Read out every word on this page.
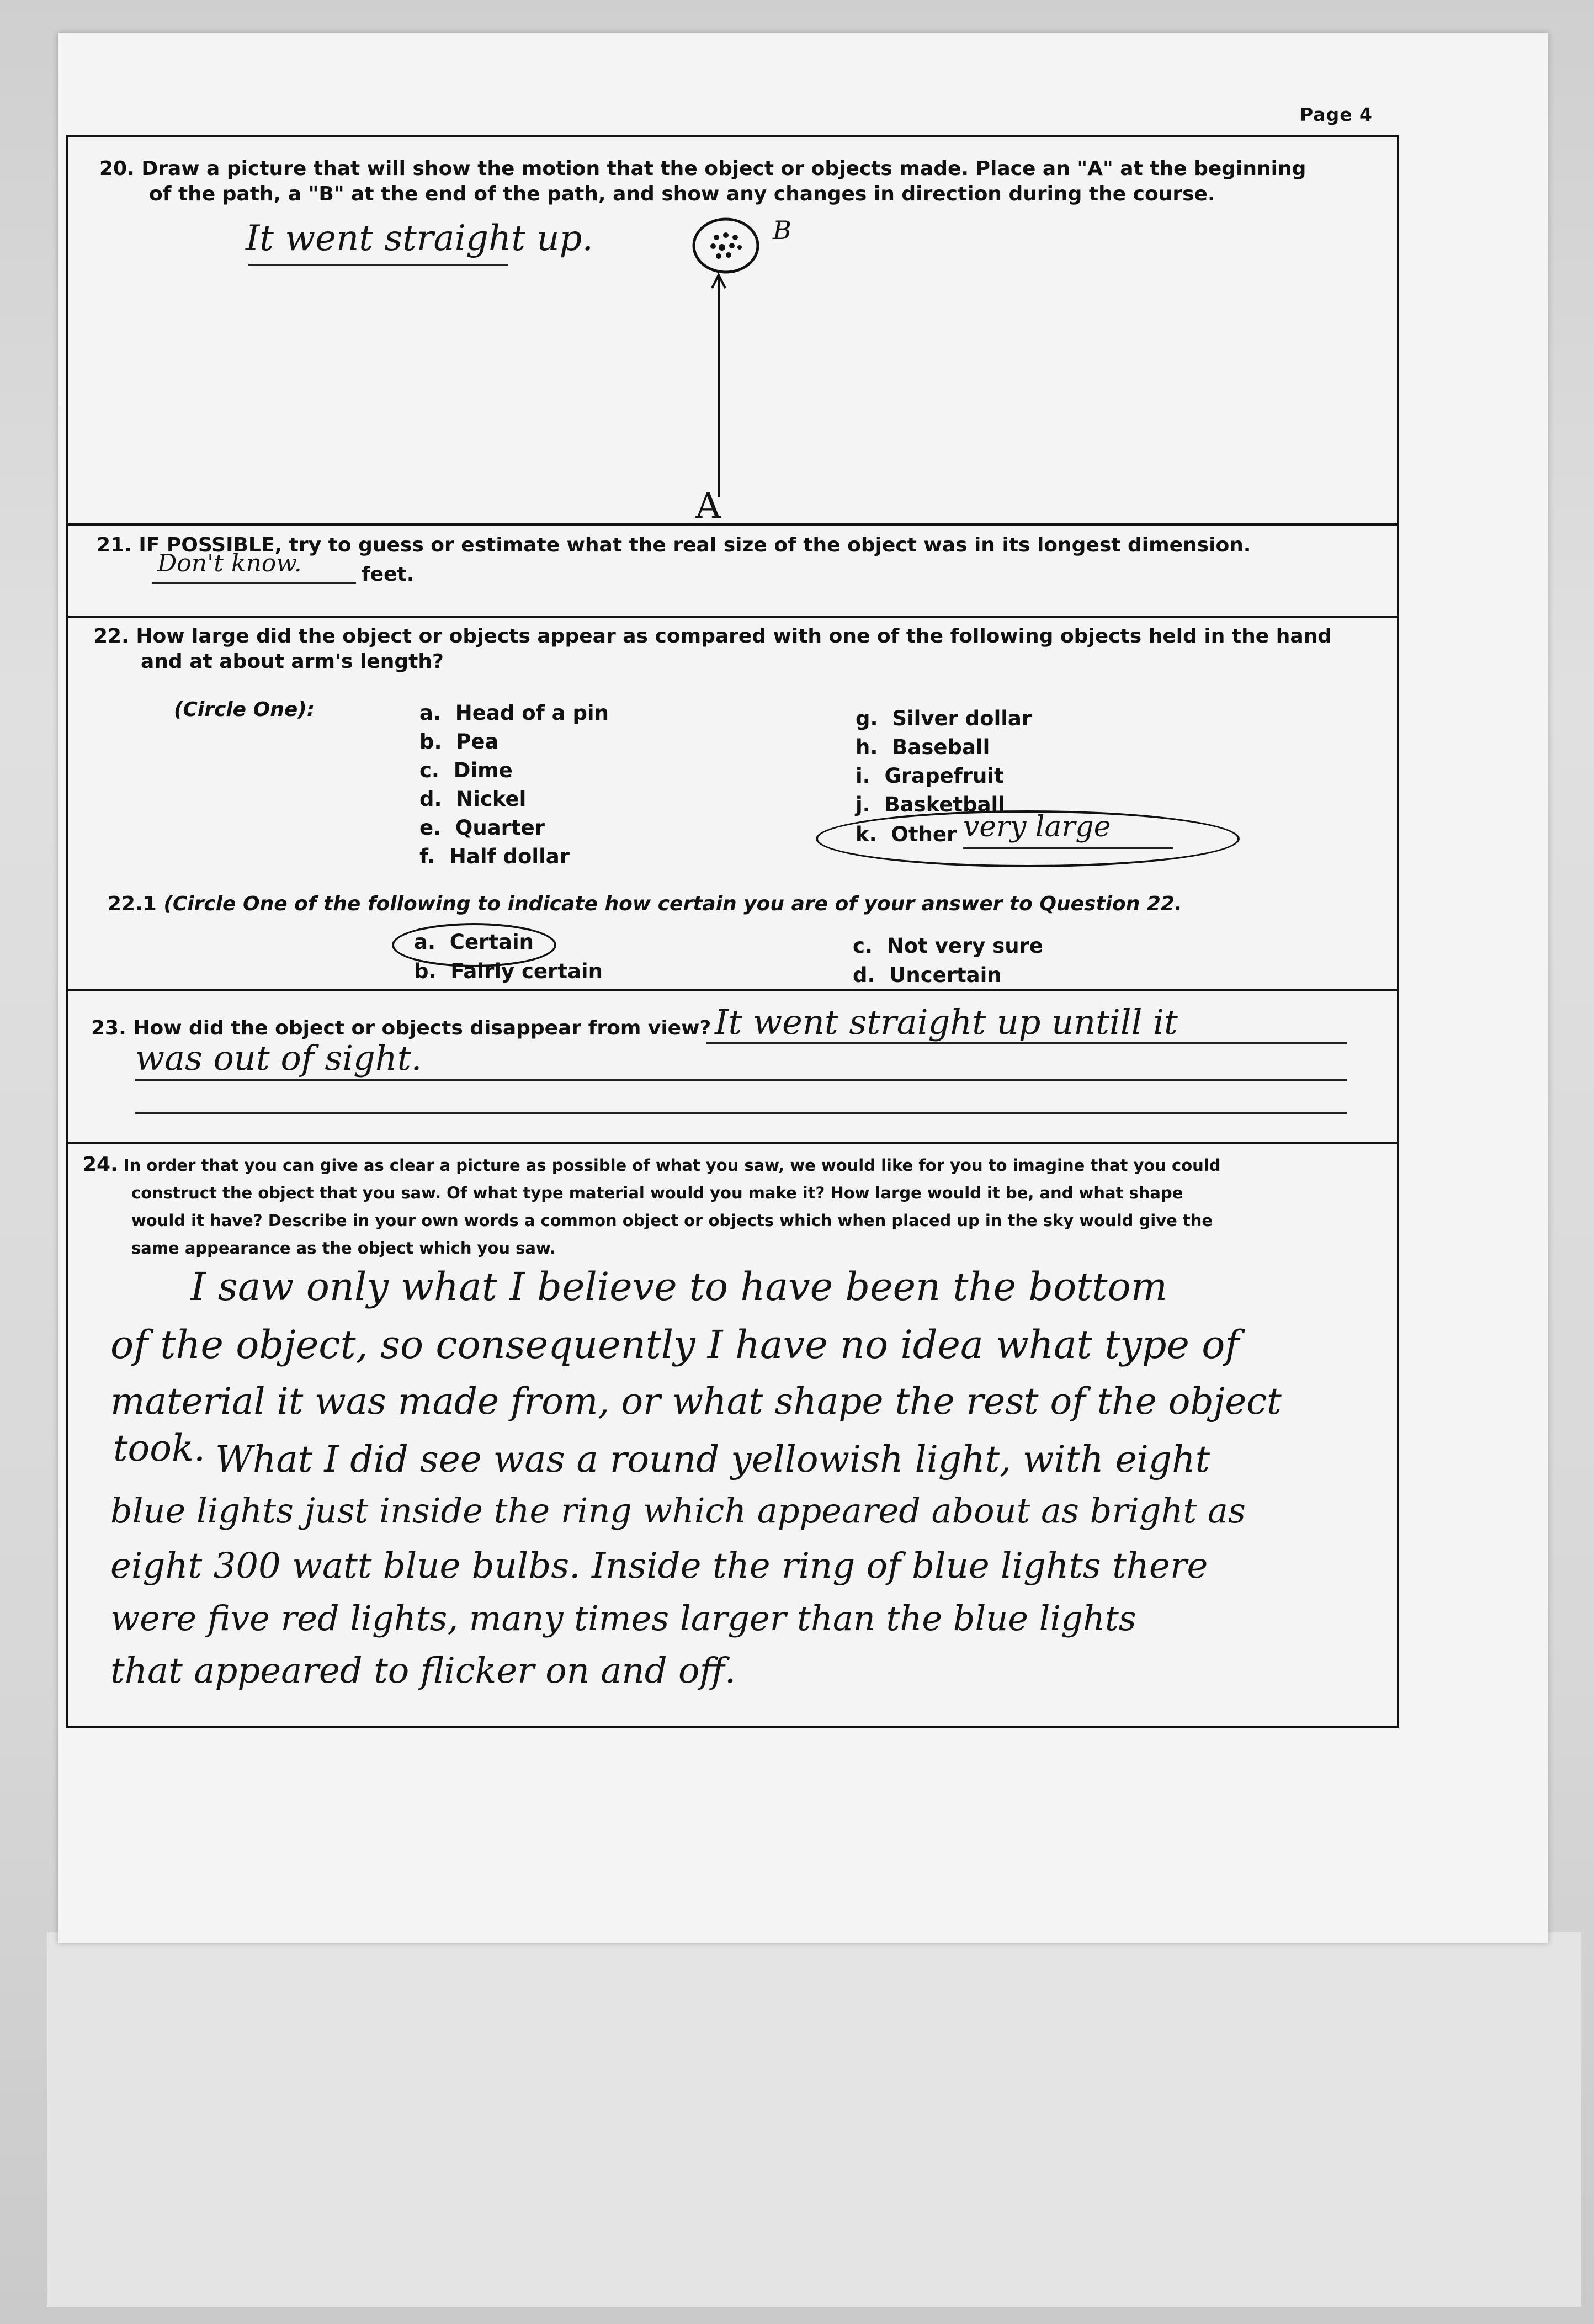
Page 4
20. Draw a picture that will show the motion that the object or objects made. Place an "A" at the beginning
of the path, a "B" at the end of the path, and show any changes in direction during the course.
It went straight up.	B
A
21. IF POSSIBLE, try to guess or estimate what the real size of the object was in its longest dimension.
Don't know.	feet.
22. How large did the object or objects appear as compared with one of the following objects held in the hand
and at about arm's length?
(Circle One):	a. Head of a pin
b. Pea
c. Dime
d. Nickel
e. Quarter
f. Half dollar
g. Silver dollar
h. Baseball
i. Grapefruit
j. Basketball
k. Other very large
22.1 (Circle One of the following to indicate how certain you are of your answer to Question 22.
a. Certain
b. Fairly certain
c. Not very sure
d. Uncertain
23. How did the object or objects disappear from view? It went straight up untill it
was out of sight.
24. In order that you can give as clear a picture as possible of what you saw, we would like for you to imagine that you could
construct the object that you saw. Of what type material would you make it? How large would it be, and what shape
would it have? Describe in your own words a common object or objects which when placed up in the sky would give the
same appearance as the object which you saw.
I saw only what I believe to have been the bottom
of the object, so consequently I have no idea what type of
material it was made from, or what shape the rest of the object
took. What I did see was a round yellowish light, with eight
blue lights just inside the ring which appeared about as bright as
eight 300 watt blue bulbs. Inside the ring of blue lights there
were five red lights, many times larger than the blue lights
that appeared to flicker on and off.
